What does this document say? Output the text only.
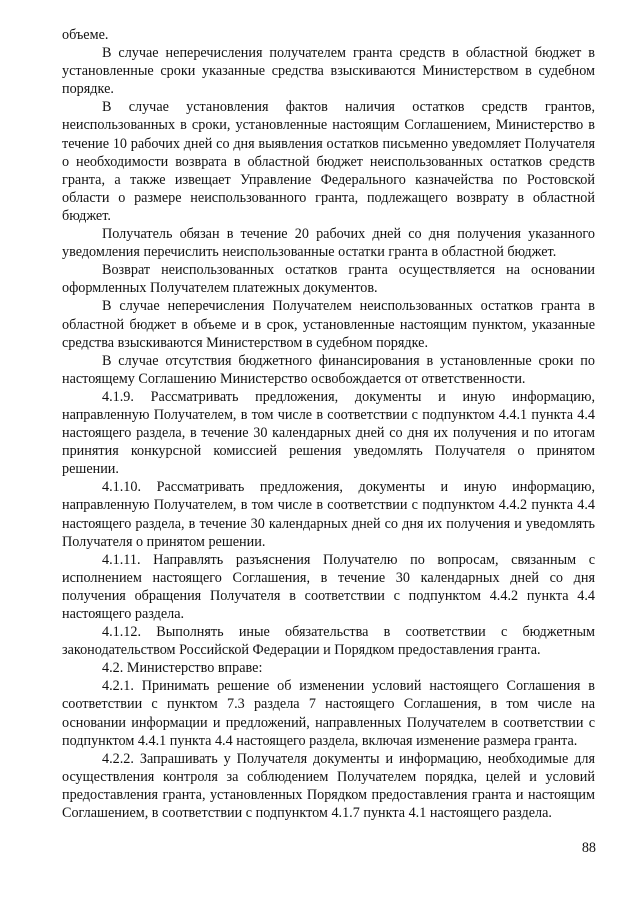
объеме.

В случае неперечисления получателем гранта средств в областной бюджет в установленные сроки указанные средства взыскиваются Министерством в судебном порядке.

В случае установления фактов наличия остатков средств грантов, неиспользованных в сроки, установленные настоящим Соглашением, Министерство в течение 10 рабочих дней со дня выявления остатков письменно уведомляет Получателя о необходимости возврата в областной бюджет неиспользованных остатков средств гранта, а также извещает Управление Федерального казначейства по Ростовской области о размере неиспользованного гранта, подлежащего возврату в областной бюджет.

Получатель обязан в течение 20 рабочих дней со дня получения указанного уведомления перечислить неиспользованные остатки гранта в областной бюджет.

Возврат неиспользованных остатков гранта осуществляется на основании оформленных Получателем платежных документов.

В случае неперечисления Получателем неиспользованных остатков гранта в областной бюджет в объеме и в срок, установленные настоящим пунктом, указанные средства взыскиваются Министерством в судебном порядке.

В случае отсутствия бюджетного финансирования в установленные сроки по настоящему Соглашению Министерство освобождается от ответственности.

4.1.9. Рассматривать предложения, документы и иную информацию, направленную Получателем, в том числе в соответствии с подпунктом 4.4.1 пункта 4.4 настоящего раздела, в течение 30 календарных дней со дня их получения и по итогам принятия конкурсной комиссией решения уведомлять Получателя о принятом решении.

4.1.10. Рассматривать предложения, документы и иную информацию, направленную Получателем, в том числе в соответствии с подпунктом 4.4.2 пункта 4.4 настоящего раздела, в течение 30 календарных дней со дня их получения и уведомлять Получателя о принятом решении.

4.1.11. Направлять разъяснения Получателю по вопросам, связанным с исполнением настоящего Соглашения, в течение 30 календарных дней со дня получения обращения Получателя в соответствии с подпунктом 4.4.2 пункта 4.4 настоящего раздела.

4.1.12. Выполнять иные обязательства в соответствии с бюджетным законодательством Российской Федерации и Порядком предоставления гранта.

4.2. Министерство вправе:

4.2.1. Принимать решение об изменении условий настоящего Соглашения в соответствии с пунктом 7.3 раздела 7 настоящего Соглашения, в том числе на основании информации и предложений, направленных Получателем в соответствии с подпунктом 4.4.1 пункта 4.4 настоящего раздела, включая изменение размера гранта.

4.2.2. Запрашивать у Получателя документы и информацию, необходимые для осуществления контроля за соблюдением Получателем порядка, целей и условий предоставления гранта, установленных Порядком предоставления гранта и настоящим Соглашением, в соответствии с подпунктом 4.1.7 пункта 4.1 настоящего раздела.

88
